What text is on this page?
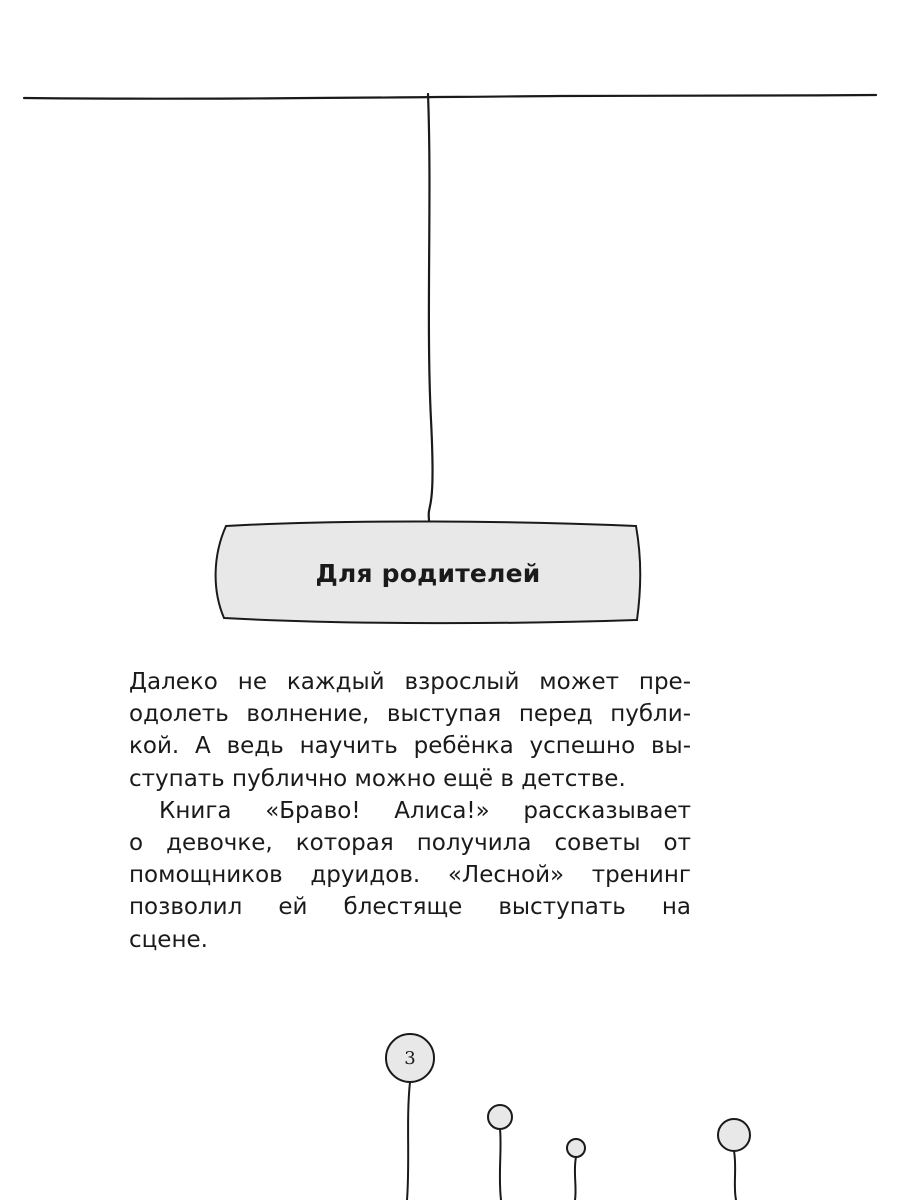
Для родителей

Далеко не каждый взрослый может пре-
одолеть волнение, выступая перед публи-
кой. А ведь научить ребёнка успешно вы-
ступать публично можно ещё в детстве.

Книга «Браво! Алиса!» рассказывает
о девочке, которая получила советы от
помощников друидов. «Лесной» тренинг
позволил ей блестяще выступать на
сцене.

3
